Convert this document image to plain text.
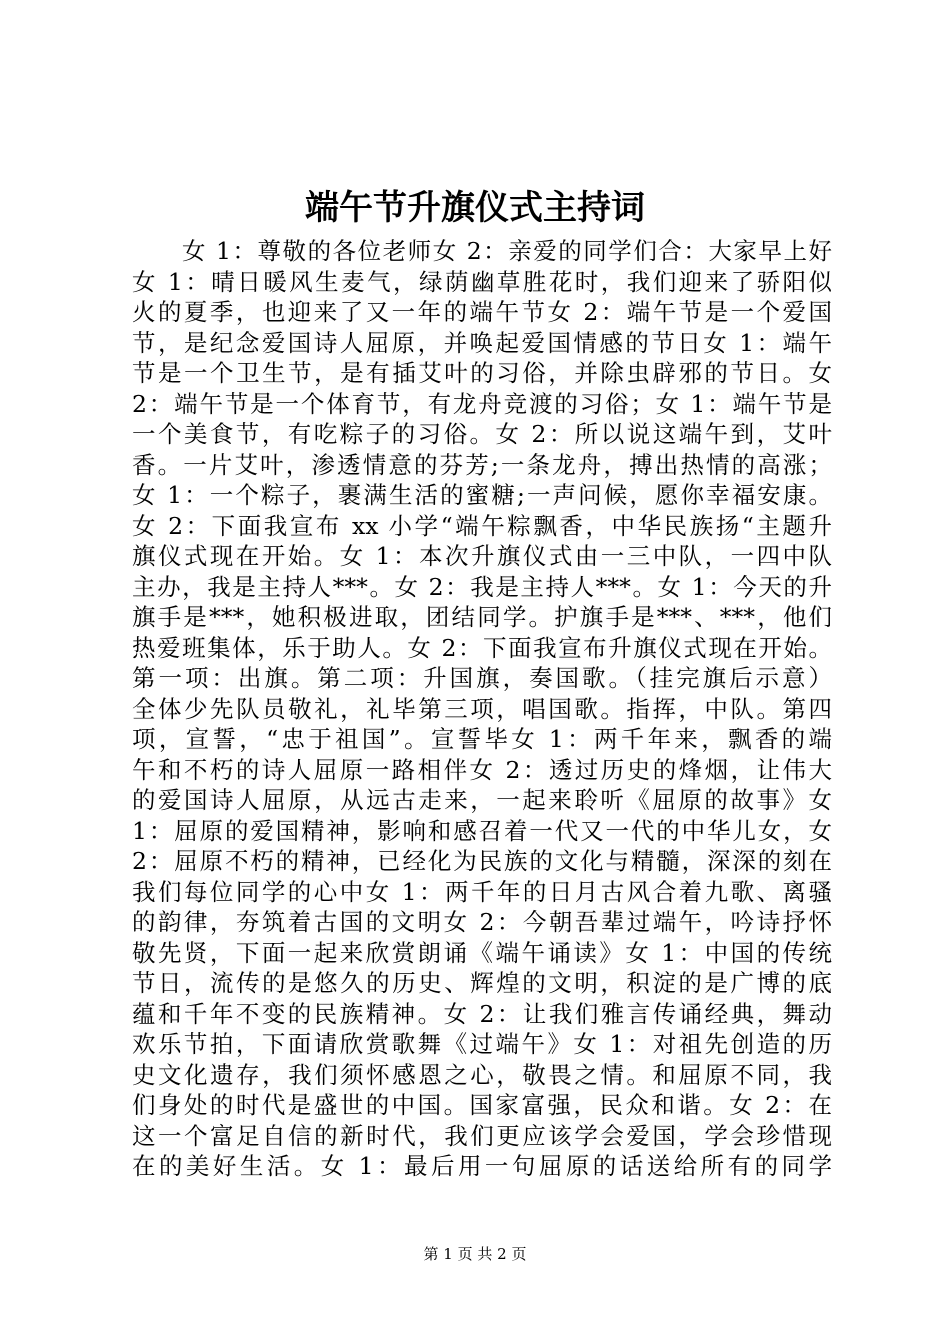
端午节升旗仪式主持词
女 1：尊敬的各位老师女 2：亲爱的同学们合：大家早上好
女 1：晴日暖风生麦气，绿荫幽草胜花时，我们迎来了骄阳似
火的夏季，也迎来了又一年的端午节女 2：端午节是一个爱国
节，是纪念爱国诗人屈原，并唤起爱国情感的节日女 1：端午
节是一个卫生节，是有插艾叶的习俗，并除虫辟邪的节日。女
2：端午节是一个体育节，有龙舟竞渡的习俗；女 1：端午节是
一个美食节，有吃粽子的习俗。女 2：所以说这端午到，艾叶
香。一片艾叶，渗透情意的芬芳;一条龙舟，搏出热情的高涨；
女 1：一个粽子，裹满生活的蜜糖;一声问候，愿你幸福安康。
女 2：下面我宣布 xx 小学“端午粽飘香，中华民族扬“主题升
旗仪式现在开始。女 1：本次升旗仪式由一三中队，一四中队
主办，我是主持人***。女 2：我是主持人***。女 1：今天的升
旗手是***，她积极进取，团结同学。护旗手是***、***，他们
热爱班集体，乐于助人。女 2：下面我宣布升旗仪式现在开始。
第一项：出旗。第二项：升国旗，奏国歌。（挂完旗后示意）
全体少先队员敬礼，礼毕第三项，唱国歌。指挥，中队。第四
项，宣誓，“忠于祖国”。宣誓毕女 1：两千年来，飘香的端
午和不朽的诗人屈原一路相伴女 2：透过历史的烽烟，让伟大
的爱国诗人屈原，从远古走来，一起来聆听《屈原的故事》女
1：屈原的爱国精神，影响和感召着一代又一代的中华儿女，女
2：屈原不朽的精神，已经化为民族的文化与精髓，深深的刻在
我们每位同学的心中女 1：两千年的日月古风合着九歌、离骚
的韵律，夯筑着古国的文明女 2：今朝吾辈过端午，吟诗抒怀
敬先贤，下面一起来欣赏朗诵《端午诵读》女 1：中国的传统
节日，流传的是悠久的历史、辉煌的文明，积淀的是广博的底
蕴和千年不变的民族精神。女 2：让我们雅言传诵经典，舞动
欢乐节拍，下面请欣赏歌舞《过端午》女 1：对祖先创造的历
史文化遗存，我们须怀感恩之心，敬畏之情。和屈原不同，我
们身处的时代是盛世的中国。国家富强，民众和谐。女 2：在
这一个富足自信的新时代，我们更应该学会爱国，学会珍惜现
在的美好生活。女 1：最后用一句屈原的话送给所有的同学
第 1 页 共 2 页
